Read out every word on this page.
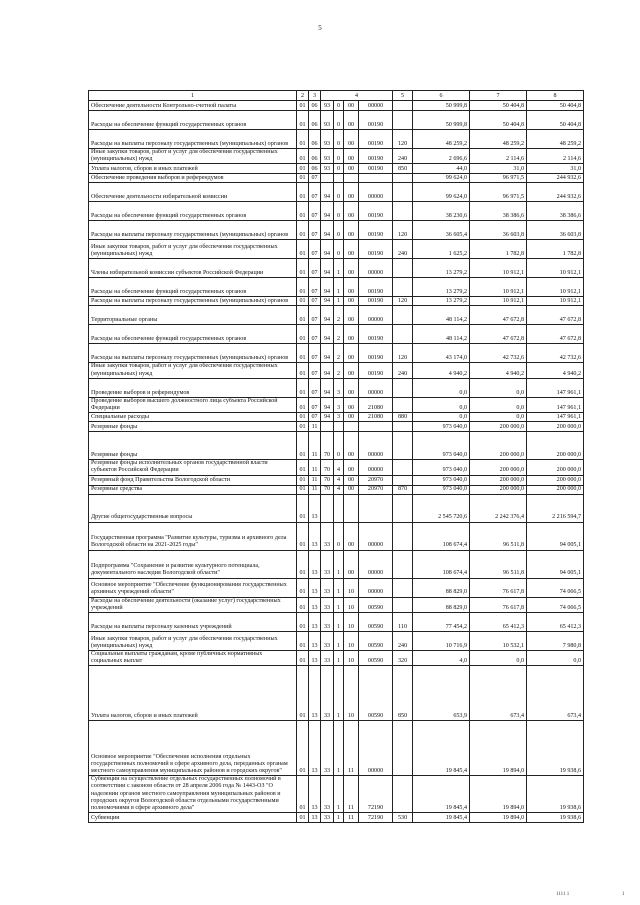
5
1	2	3	4				5	6	7	8
Обеспечение деятельности Контрольно-счетной палаты	01	06	93	0	00	00000		50 999,8	50 404,8	50 404,8
Расходы на обеспечение функций государственных органов	01	06	93	0	00	00190		50 999,8	50 404,8	50 404,8
Расходы на выплаты персоналу государственных (муниципальных) органов	01	06	93	0	00	00190	120	48 259,2	48 259,2	48 259,2
Иные закупки товаров, работ и услуг для обеспечения государственных (муниципальных) нужд	01	06	93	0	00	00190	240	2 696,6	2 114,6	2 114,6
Уплата налогов, сборов и иных платежей	01	06	93	0	00	00190	850	44,0	31,0	31,0
Обеспечение проведения выборов и референдумов	01	07						99 624,0	96 971,5	244 932,6
Обеспечение деятельности избирательной комиссии	01	07	94	0	00	00000		99 624,0	96 971,5	244 932,6
Расходы на обеспечение функций государственных органов	01	07	94	0	00	00190		38 230,6	38 386,6	38 386,6
Расходы на выплаты персоналу государственных (муниципальных) органов	01	07	94	0	00	00190	120	36 605,4	36 603,8	36 603,8
Иные закупки товаров, работ и услуг для обеспечения государственных (муниципальных) нужд	01	07	94	0	00	00190	240	1 625,2	1 782,8	1 782,8
Члены избирательной комиссии субъектов Российской Федерации	01	07	94	1	00	00000		13 279,2	10 912,1	10 912,1
Расходы на обеспечение функций государственных органов	01	07	94	1	00	00190		13 279,2	10 912,1	10 912,1
Расходы на выплаты персоналу государственных (муниципальных) органов	01	07	94	1	00	00190	120	13 279,2	10 912,1	10 912,1
Территориальные органы	01	07	94	2	00	00000		48 114,2	47 672,8	47 672,8
Расходы на обеспечение функций государственных органов	01	07	94	2	00	00190		48 114,2	47 672,8	47 672,8
Расходы на выплаты персоналу государственных (муниципальных) органов	01	07	94	2	00	00190	120	43 174,0	42 732,6	42 732,6
Иные закупки товаров, работ и услуг для обеспечения государственных (муниципальных) нужд	01	07	94	2	00	00190	240	4 940,2	4 940,2	4 940,2
Проведение выборов и референдумов	01	07	94	3	00	00000		0,0	0,0	147 961,1
Проведение выборов высшего должностного лица субъекта Российской Федерации	01	07	94	3	00	21080		0,0	0,0	147 961,1
Специальные расходы	01	07	94	3	00	21080	880	0,0	0,0	147 961,1
Резервные фонды	01	11						973 040,0	200 000,0	200 000,0
Резервные фонды	01	11	70	0	00	00000		973 040,0	200 000,0	200 000,0
Резервные фонды исполнительных органов государственной власти субъектов Российской Федерации	01	11	70	4	00	00000		973 040,0	200 000,0	200 000,0
Резервный фонд Правительства Вологодской области	01	11	70	4	00	20970		973 040,0	200 000,0	200 000,0
Резервные средства	01	11	70	4	00	20970	870	973 040,0	200 000,0	200 000,0
Другие общегосударственные вопросы	01	13						2 545 720,6	2 242 376,4	2 216 594,7
Государственная программа "Развитие культуры, туризма и архивного дела Вологодской области на 2021-2025 годы"	01	13	33	0	00	00000		108 674,4	96 511,8	94 005,1
Подпрограмма "Сохранение и развитие культурного потенциала, документального наследия Вологодской области"	01	13	33	1	00	00000		108 674,4	96 511,8	94 005,1
Основное мероприятие "Обеспечение функционирования государственных архивных учреждений области"	01	13	33	1	10	00000		88 829,0	76 617,8	74 066,5
Расходы на обеспечение деятельности (оказание услуг) государственных учреждений	01	13	33	1	10	00590		88 829,0	76 617,8	74 066,5
Расходы на выплаты персоналу казенных учреждений	01	13	33	1	10	00590	110	77 454,2	65 412,3	65 412,3
Иные закупки товаров, работ и услуг для обеспечения государственных (муниципальных) нужд	01	13	33	1	10	00590	240	10 716,9	10 532,1	7 980,8
Социальные выплаты гражданам, кроме публичных нормативных социальных выплат	01	13	33	1	10	00590	320	4,0	0,0	0,0
Уплата налогов, сборов и иных платежей	01	13	33	1	10	00590	850	653,9	673,4	673,4
Основное мероприятие "Обеспечение исполнения отдельных государственных полномочий в сфере архивного дела, переданных органам местного самоуправления муниципальных районов и городских округов"	01	13	33	1	11	00000		19 845,4	19 894,0	19 938,6
Субвенции на осуществление отдельных государственных полномочий в соответствии с законом области от 28 апреля 2006 года № 1443-ОЗ "О наделении органов местного самоуправления муниципальных районов и городских округов Вологодской области отдельными государственными полномочиями в сфере архивного дела"	01	13	33	1	11	72190		19 845,4	19 894,0	19 938,6
Субвенции	01	13	33	1	11	72190	530	19 845,4	19 894,0	19 938,6
1111 1	1
